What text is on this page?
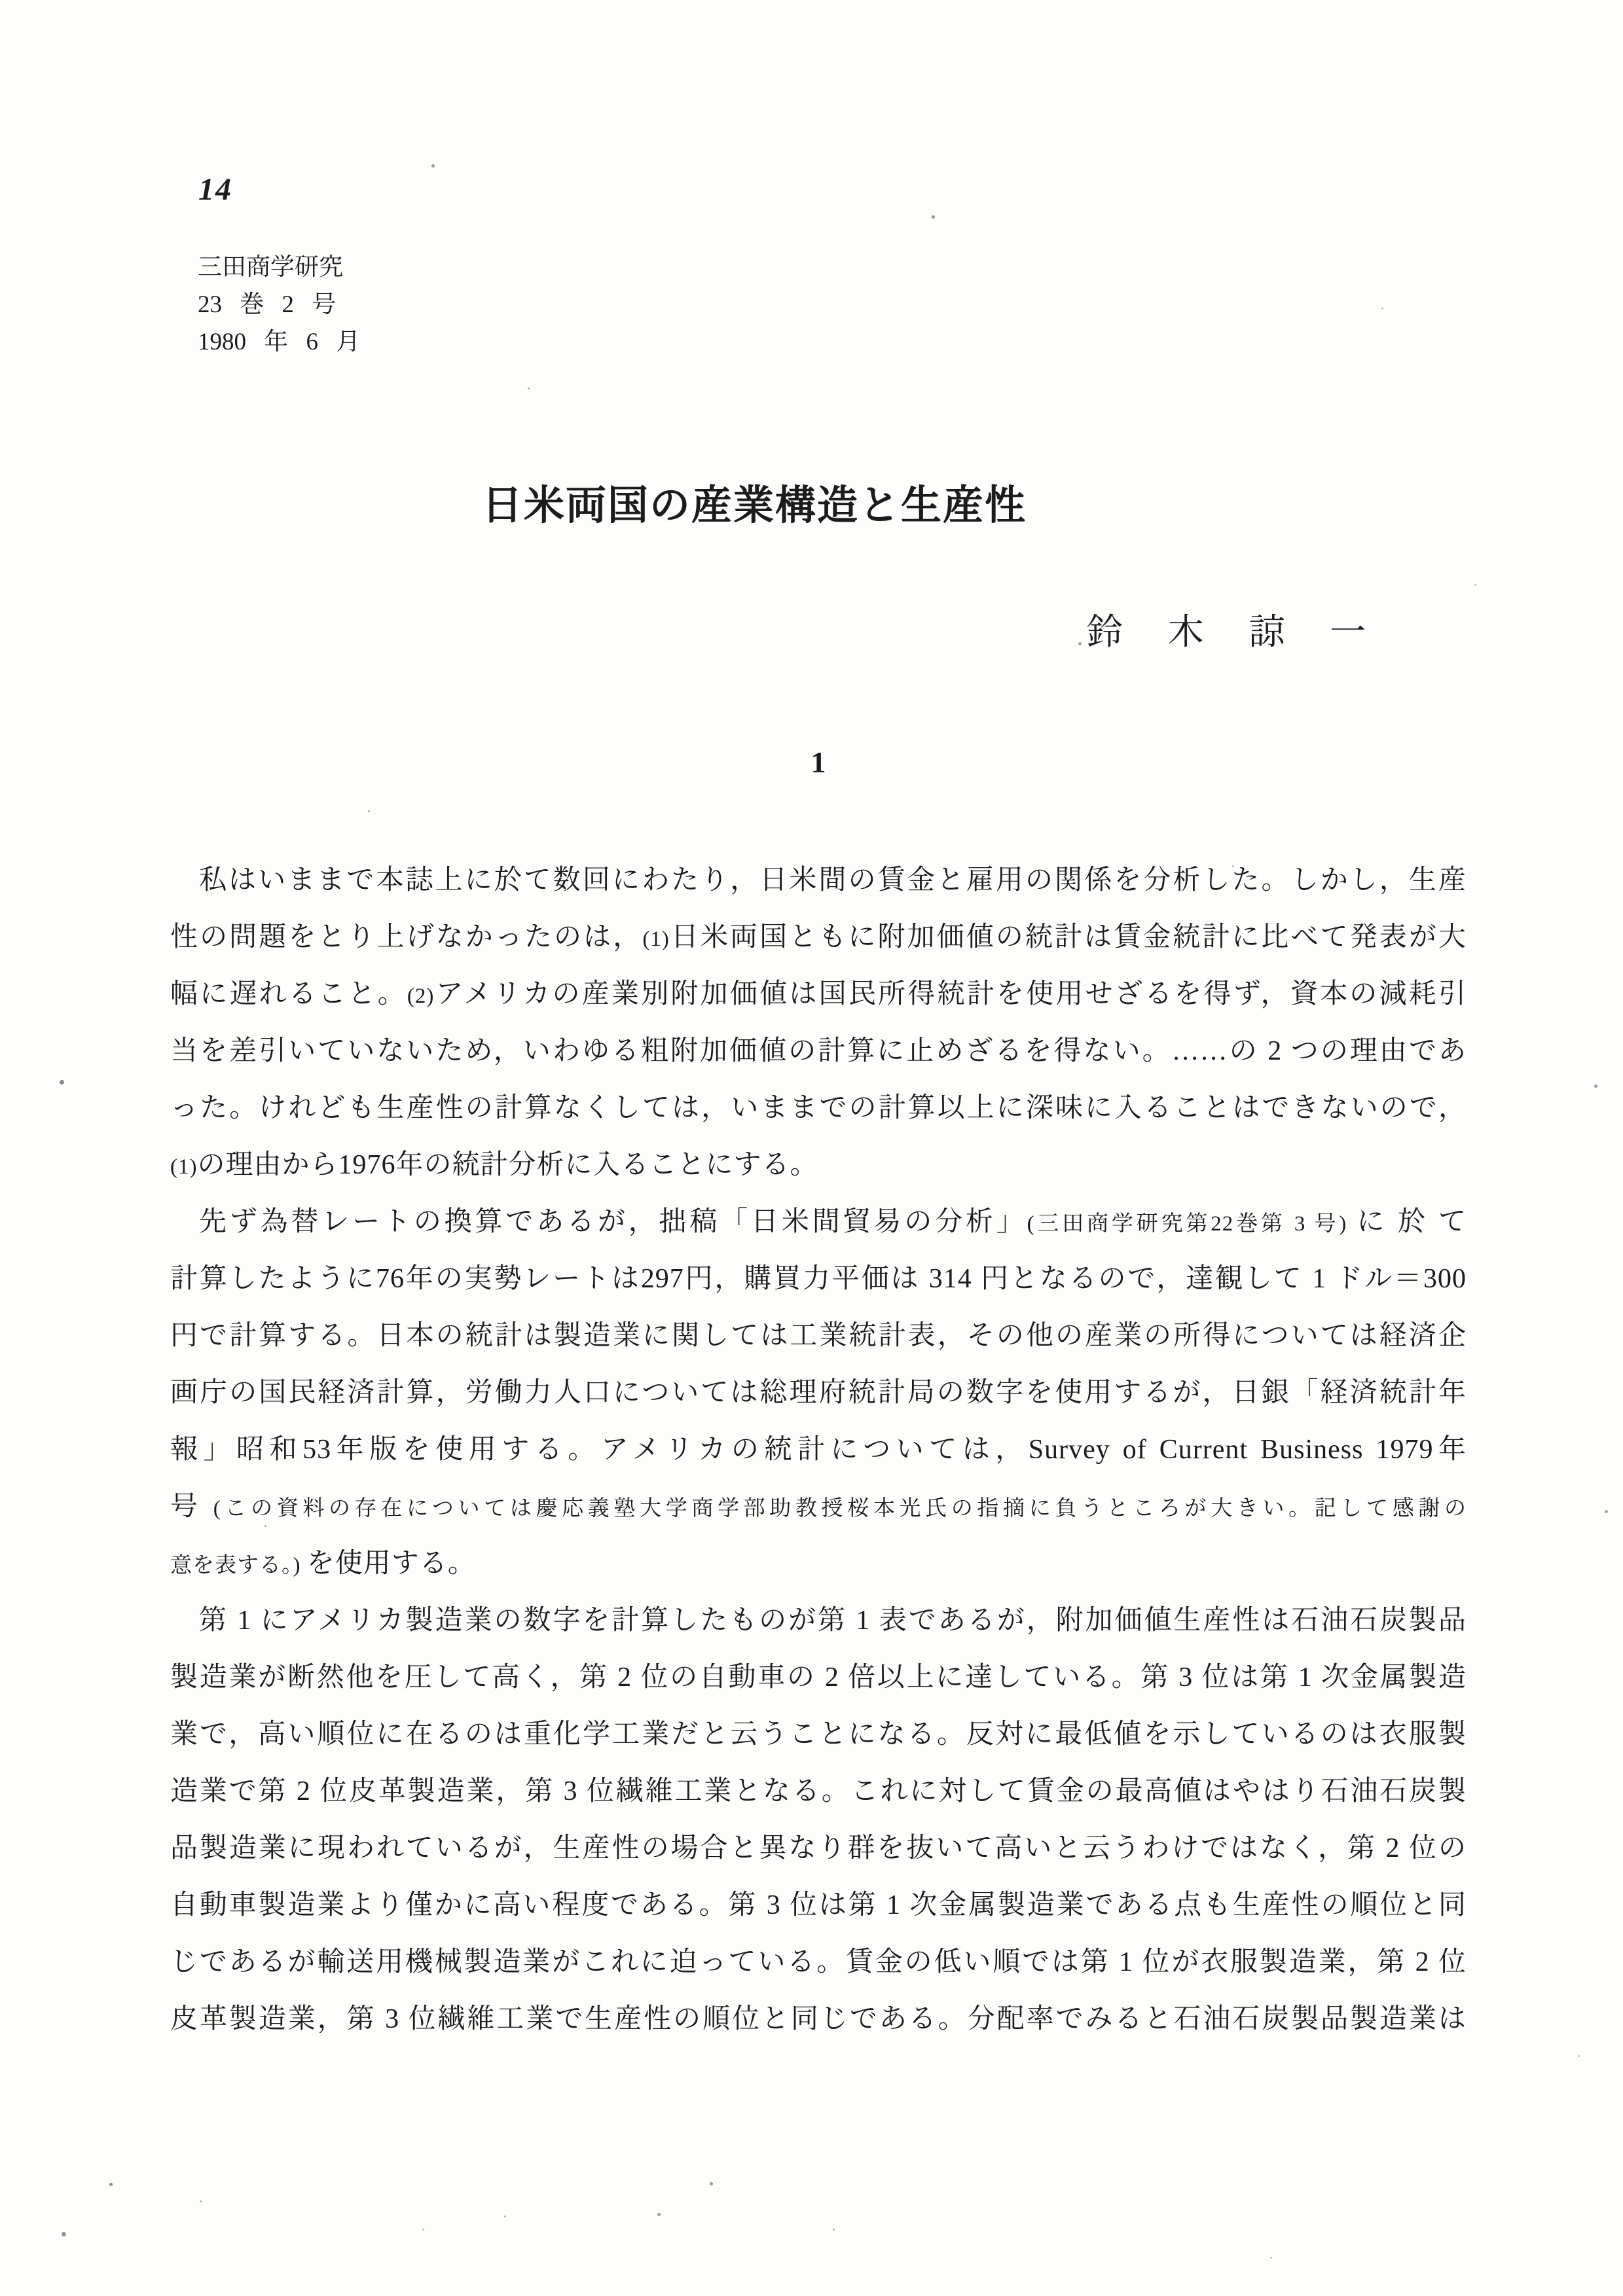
14
三田商学研究
23 巻 2 号
1980 年 6 月
日米両国の産業構造と生産性
鈴 木 諒 一
1
私はいままで本誌上に於て数回にわたり，日米間の賃金と雇用の関係を分析した。しかし，生産
性の問題をとり上げなかったのは，(1)日米両国ともに附加価値の統計は賃金統計に比べて発表が大
幅に遅れること。(2)アメリカの産業別附加価値は国民所得統計を使用せざるを得ず，資本の減耗引
当を差引いていないため，いわゆる粗附加価値の計算に止めざるを得ない。……の 2 つの理由であ
った。けれども生産性の計算なくしては，いままでの計算以上に深味に入ることはできないので，
(1)の理由から1976年の統計分析に入ることにする。
先ず為替レートの換算であるが，拙稿「日米間貿易の分析」(三田商学研究第22巻第 3 号) に 於 て
計算したように76年の実勢レートは297円，購買力平価は 314 円となるので，達観して 1 ドル＝300
円で計算する。日本の統計は製造業に関しては工業統計表，その他の産業の所得については経済企
画庁の国民経済計算，労働力人口については総理府統計局の数字を使用するが，日銀「経済統計年
報」昭和53年版を使用する。アメリカの統計については，Survey of Current Business 1979年
号 (この資料の存在については慶応義塾大学商学部助教授桜本光氏の指摘に負うところが大きい。記して感謝の
意を表する。) を使用する。
第 1 にアメリカ製造業の数字を計算したものが第 1 表であるが，附加価値生産性は石油石炭製品
製造業が断然他を圧して高く，第 2 位の自動車の 2 倍以上に達している。第 3 位は第 1 次金属製造
業で，高い順位に在るのは重化学工業だと云うことになる。反対に最低値を示しているのは衣服製
造業で第 2 位皮革製造業，第 3 位繊維工業となる。これに対して賃金の最高値はやはり石油石炭製
品製造業に現われているが，生産性の場合と異なり群を抜いて高いと云うわけではなく，第 2 位の
自動車製造業より僅かに高い程度である。第 3 位は第 1 次金属製造業である点も生産性の順位と同
じであるが輸送用機械製造業がこれに迫っている。賃金の低い順では第 1 位が衣服製造業，第 2 位
皮革製造業，第 3 位繊維工業で生産性の順位と同じである。分配率でみると石油石炭製品製造業は
